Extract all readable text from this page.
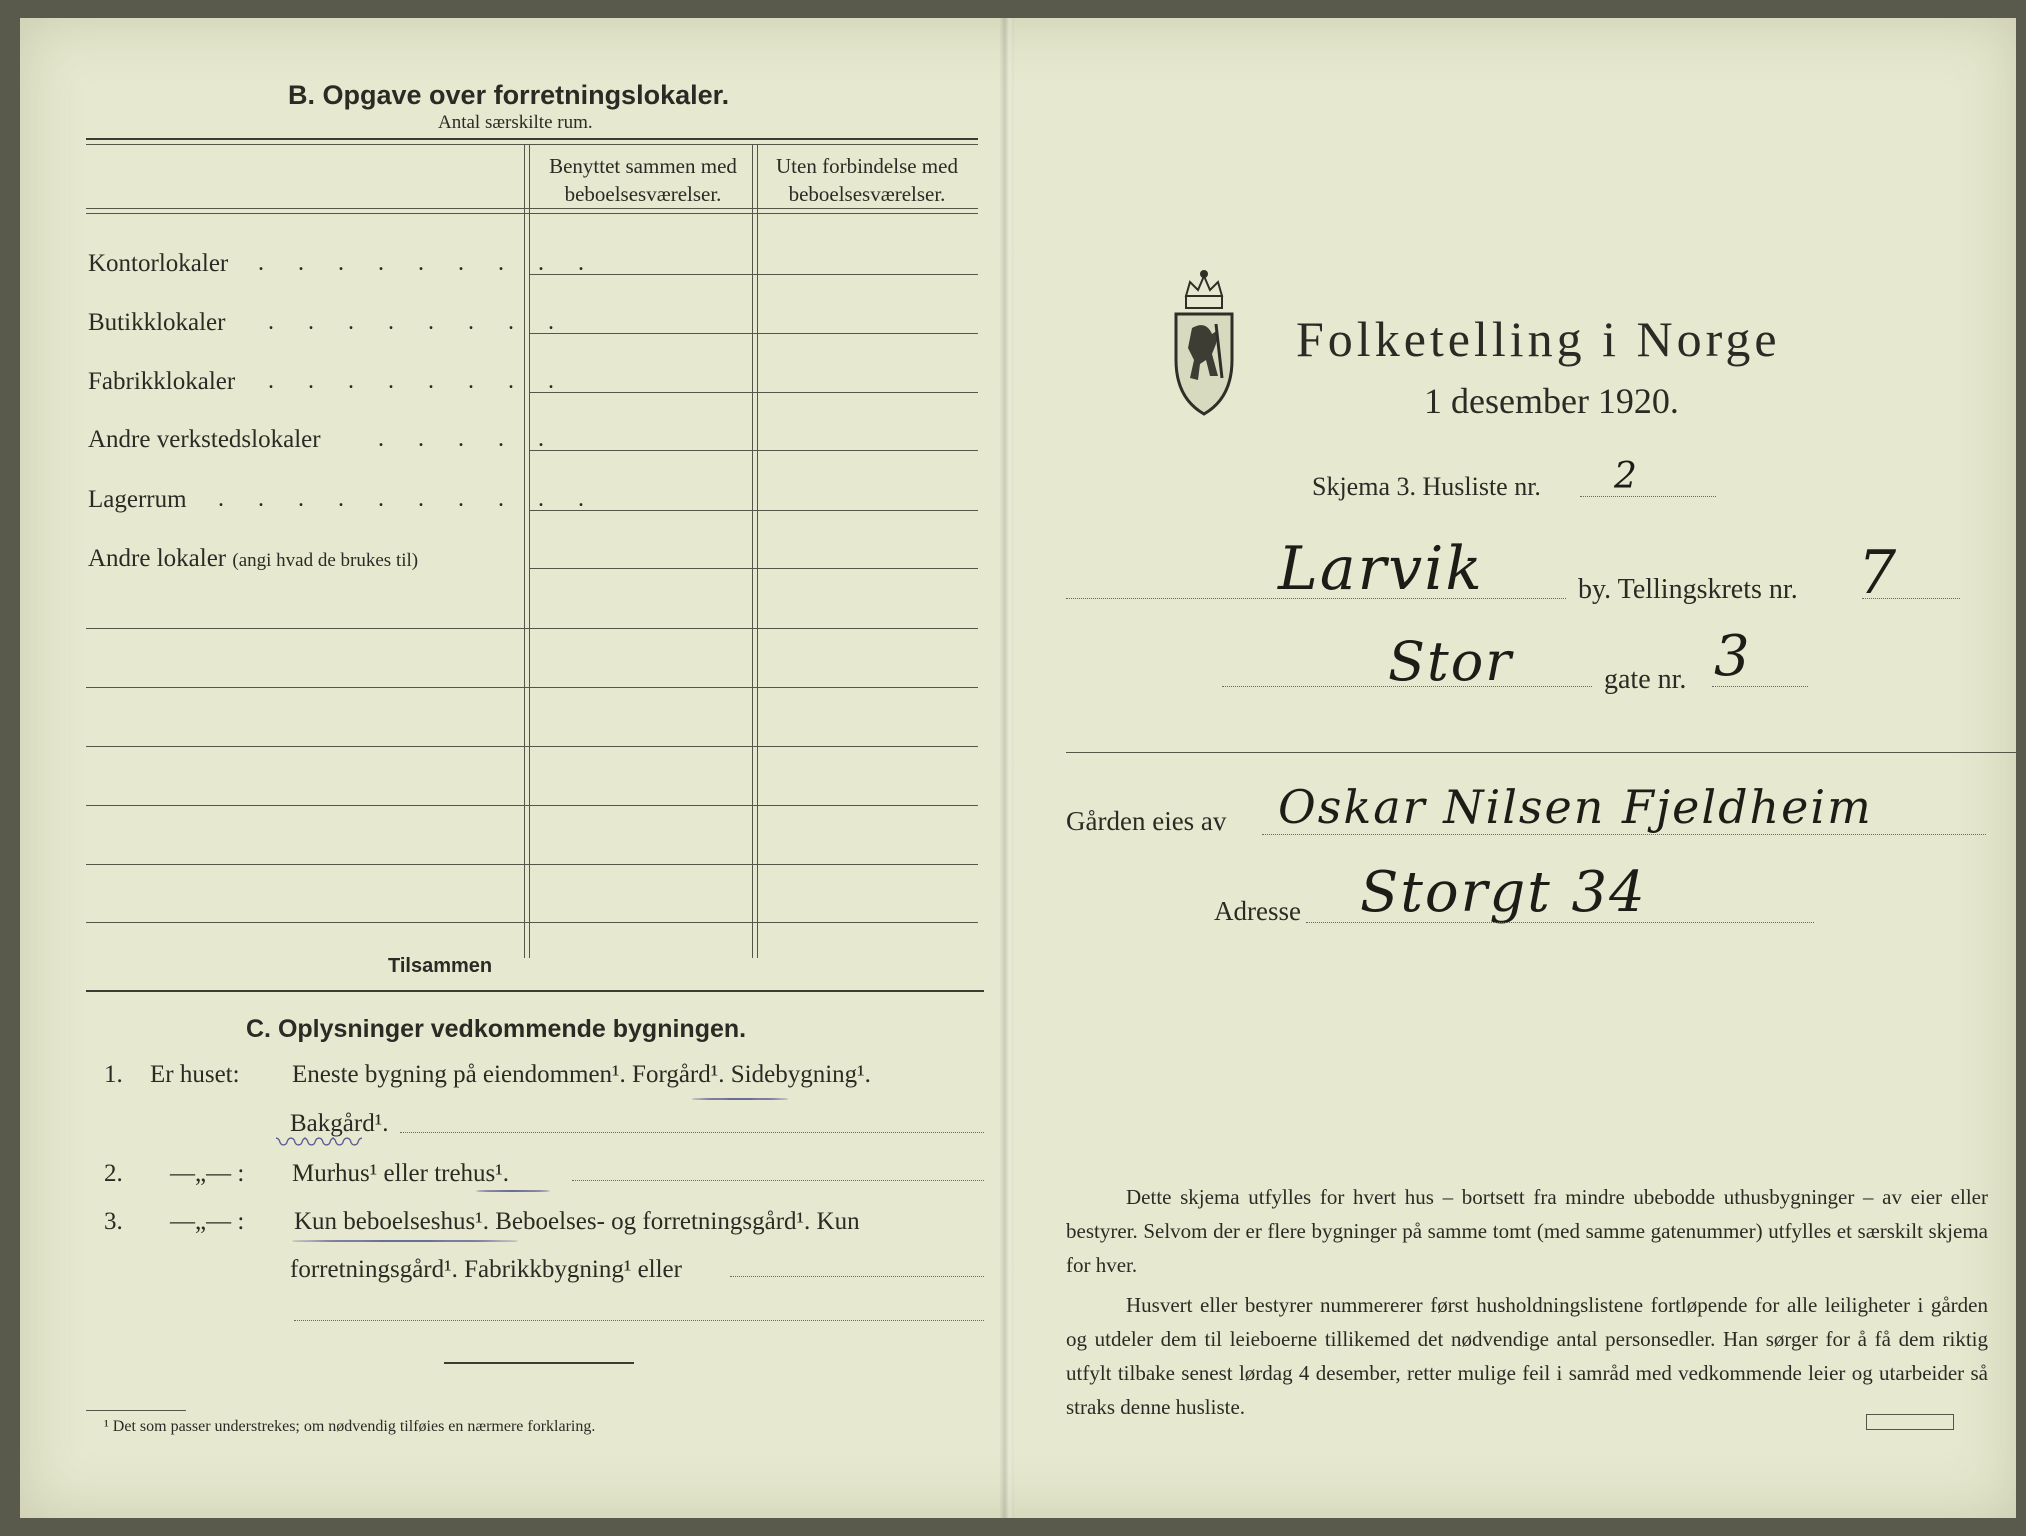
B. Opgave over forretningslokaler.
Antal særskilte rum.
Benyttet sammen med
beboelsesværelser.
Uten forbindelse med
beboelsesværelser.
Kontorlokaler . . . . . . . . .
Butikklokaler . . . . . . . .
Fabrikklokaler . . . . . . . .
Andre verkstedslokaler . . . . .
Lagerrum . . . . . . . . . .
Andre lokaler (angi hvad de brukes til)
Tilsammen
C. Oplysninger vedkommende bygningen.
1. Er huset: Eneste bygning på eiendommen¹. Forgård¹. Sidebygning¹.
Bakgård¹.
〰〰〰
2. —„— : Murhus¹ eller trehus¹.
3. —„— : Kun beboelseshus¹. Beboelses- og forretningsgård¹. Kun
forretningsgård¹. Fabrikkbygning¹ eller
¹ Det som passer understrekes; om nødvendig tilføies en nærmere forklaring.
Folketelling i Norge
1 desember 1920.
Skjema 3. Husliste nr. 2
Larvik	by. Tellingskrets nr. 7
Stor	gate nr. 3
Gården eies av Oskar Nilsen Fjeldheim
Adresse Storgt 34
Dette skjema utfylles for hvert hus – bortsett fra mindre ubebodde uthusbygninger – av eier eller bestyrer. Selvom der er flere bygninger på samme tomt (med samme gatenummer) utfylles et særskilt skjema for hver.
Husvert eller bestyrer nummererer først husholdningslistene fortløpende for alle leiligheter i gården og utdeler dem til leieboerne tillikemed det nødvendige antal personsedler. Han sørger for å få dem riktig utfylt tilbake senest lørdag 4 desember, retter mulige feil i samråd med vedkommende leier og utarbeider så straks denne husliste.
